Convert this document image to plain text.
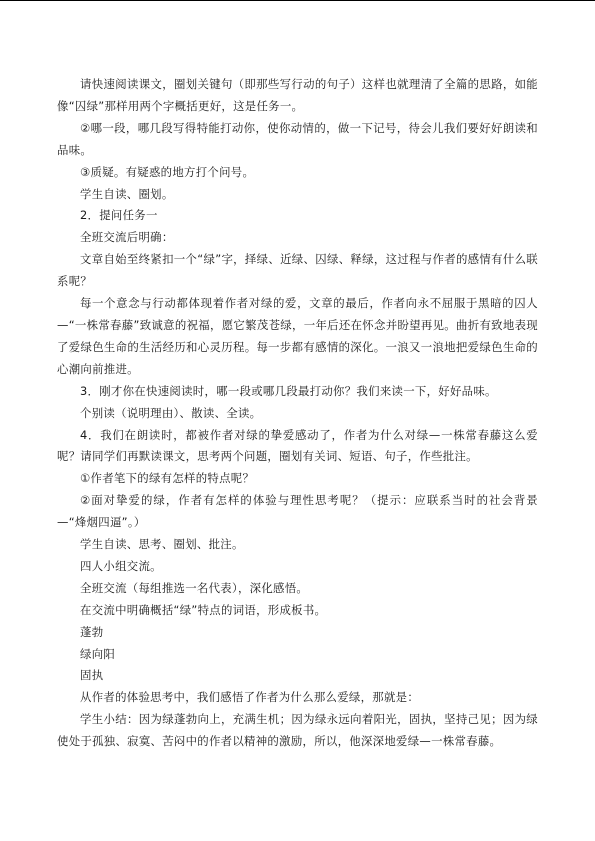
请快速阅读课文，圈划关键句（即那些写行动的句子）这样也就理清了全篇的思路，如能像“囚绿”那样用两个字概括更好，这是任务一。

②哪一段，哪几段写得特能打动你，使你动情的，做一下记号，待会儿我们要好好朗读和品味。

③质疑。有疑惑的地方打个问号。

学生自读、圈划。

2．提问任务一

全班交流后明确：

文章自始至终紧扣一个“绿”字，择绿、近绿、囚绿、释绿，这过程与作者的感情有什么联系呢？

每一个意念与行动都体现着作者对绿的爱，文章的最后，作者向永不屈服于黑暗的囚人—“一株常春藤”致诚意的祝福，愿它繁茂苍绿，一年后还在怀念并盼望再见。曲折有致地表现了爱绿色生命的生活经历和心灵历程。每一步都有感情的深化。一浪又一浪地把爱绿色生命的心潮向前推进。

3．刚才你在快速阅读时，哪一段或哪几段最打动你？我们来读一下，好好品味。

个别读（说明理由）、散读、全读。

4．我们在朗读时，都被作者对绿的挚爱感动了，作者为什么对绿—一株常春藤这么爱呢？请同学们再默读课文，思考两个问题，圈划有关词、短语、句子，作些批注。

①作者笔下的绿有怎样的特点呢？

②面对挚爱的绿，作者有怎样的体验与理性思考呢？（提示：应联系当时的社会背景—“烽烟四逼”。）

学生自读、思考、圈划、批注。

四人小组交流。

全班交流（每组推选一名代表），深化感悟。

在交流中明确概括“绿”特点的词语，形成板书。

蓬勃

绿向阳

固执

从作者的体验思考中，我们感悟了作者为什么那么爱绿，那就是：

学生小结：因为绿蓬勃向上，充满生机；因为绿永远向着阳光，固执，坚持己见；因为绿使处于孤独、寂寞、苦闷中的作者以精神的激励，所以，他深深地爱绿—一株常春藤。
